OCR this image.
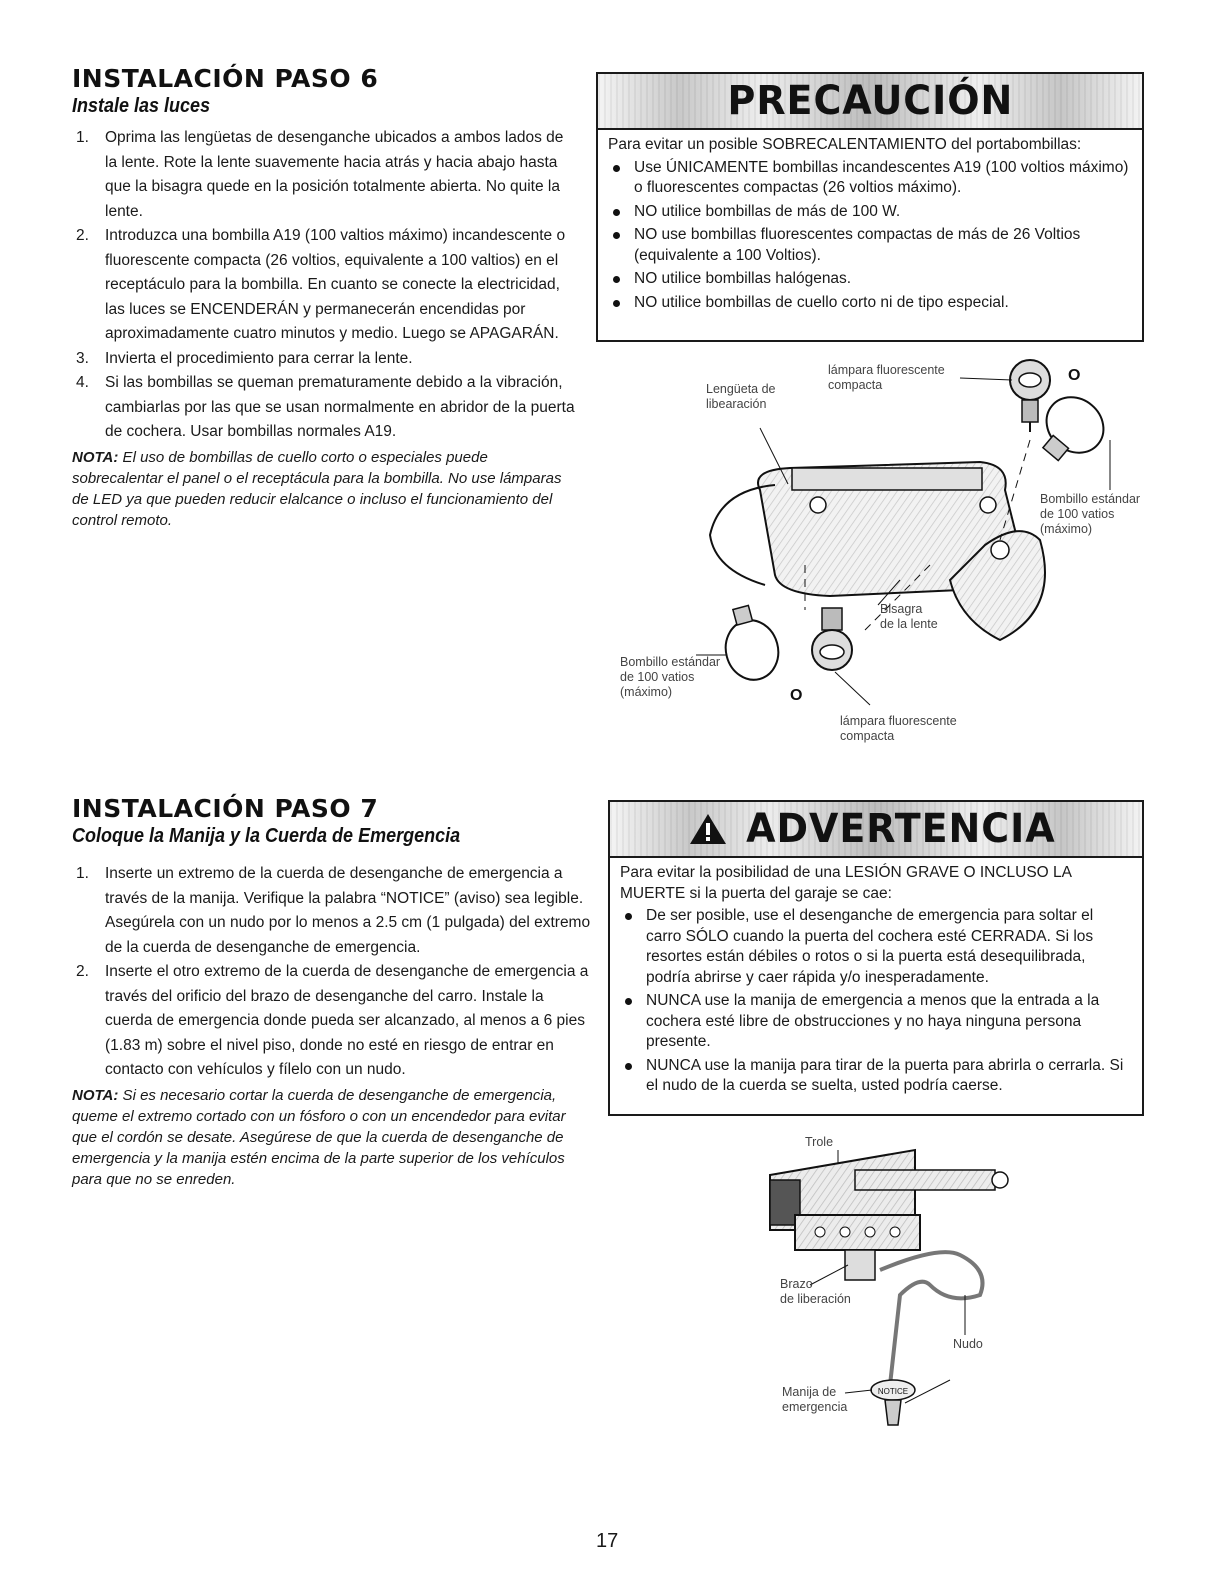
INSTALACIÓN PASO 6
Instale las luces
1. Oprima las lengüetas de desenganche ubicados a ambos lados de la lente. Rote la lente suavemente hacia atrás y hacia abajo hasta que la bisagra quede en la posición totalmente abierta. No quite la lente.
2. Introduzca una bombilla A19 (100 valtios máximo) incandescente o fluorescente compacta (26 voltios, equivalente a 100 valtios) en el receptáculo para la bombilla. En cuanto se conecte la electricidad, las luces se ENCENDERÁN y permanecerán encendidas por aproximadamente cuatro minutos y medio. Luego se APAGARÁN.
3. Invierta el procedimiento para cerrar la lente.
4. Si las bombillas se queman prematuramente debido a la vibración, cambiarlas por las que se usan normalmente en abridor de la puerta de cochera. Usar bombillas normales A19.

NOTA: El uso de bombillas de cuello corto o especiales puede sobrecalentar el panel o el receptácula para la bombilla. No use lámparas de LED ya que pueden reducir elalcance o incluso el funcionamiento del control remoto.

PRECAUCIÓN
Para evitar un posible SOBRECALENTAMIENTO del portabombillas:
Use ÚNICAMENTE bombillas incandescentes A19 (100 voltios máximo) o fluorescentes compactas (26 voltios máximo).
NO utilice bombillas de más de 100 W.
NO use bombillas fluorescentes compactas de más de 26 Voltios (equivalente a 100 Voltios).
NO utilice bombillas halógenas.
NO utilice bombillas de cuello corto ni de tipo especial.
lámpara fluorescente
compacta
O
Lengüeta de
libearación
Bombillo estándar
de 100 vatios
(máximo)
Bisagra
de la lente
Bombillo estándar
de 100 vatios
(máximo)	O
lámpara fluorescente
compacta
INSTALACIÓN PASO 7
Coloque la Manija y la Cuerda de Emergencia
1. Inserte un extremo de la cuerda de desenganche de emergencia a través de la manija. Verifique la palabra “NOTICE” (aviso) sea legible. Asegúrela con un nudo por lo menos a 2.5 cm (1 pulgada) del extremo de la cuerda de desenganche de emergencia.
2. Inserte el otro extremo de la cuerda de desenganche de emergencia a través del orificio del brazo de desenganche del carro. Instale la cuerda de emergencia donde pueda ser alcanzado, al menos a 6 pies (1.83 m) sobre el nivel piso, donde no esté en riesgo de entrar en contacto con vehículos y fílelo con un nudo.

NOTA: Si es necesario cortar la cuerda de desenganche de emergencia, queme el extremo cortado con un fósforo o con un encendedor para evitar que el cordón se desate. Asegúrese de que la cuerda de desenganche de emergencia y la manija estén encima de la parte superior de los vehículos para que no se enreden.

ADVERTENCIA
Para evitar la posibilidad de una LESIÓN GRAVE O INCLUSO LA MUERTE si la puerta del garaje se cae:
De ser posible, use el desenganche de emergencia para soltar el carro SÓLO cuando la puerta del cochera esté CERRADA. Si los resortes están débiles o rotos o si la puerta está desequilibrada, podría abrirse y caer rápida y/o inesperadamente.
NUNCA use la manija de emergencia a menos que la entrada a la cochera esté libre de obstrucciones y no haya ninguna persona presente.
NUNCA use la manija para tirar de la puerta para abrirla o cerrarla. Si el nudo de la cuerda se suelta, usted podría caerse.
NOTICE
Trole
Brazo
de liberación
Nudo
Manija de
emergencia
17
